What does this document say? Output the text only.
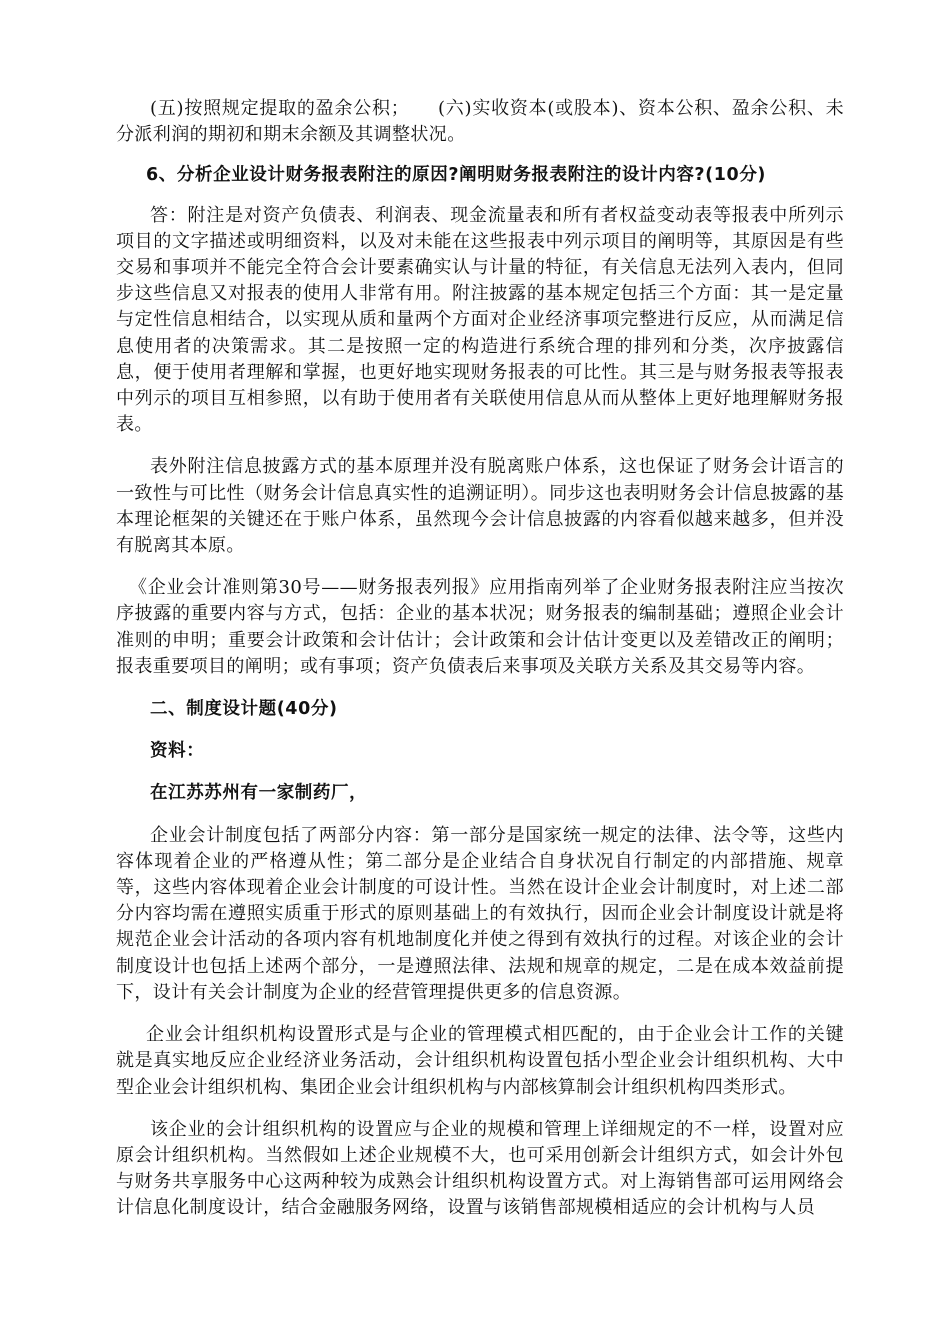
(五)按照规定提取的盈余公积；　　(六)实收资本(或股本)、资本公积、盈余公积、未分派利润的期初和期末余额及其调整状况。

6、分析企业设计财务报表附注的原因?阐明财务报表附注的设计内容?(10分)

答：附注是对资产负债表、利润表、现金流量表和所有者权益变动表等报表中所列示项目的文字描述或明细资料，以及对未能在这些报表中列示项目的阐明等，其原因是有些交易和事项并不能完全符合会计要素确实认与计量的特征，有关信息无法列入表内，但同步这些信息又对报表的使用人非常有用。附注披露的基本规定包括三个方面：其一是定量与定性信息相结合，以实现从质和量两个方面对企业经济事项完整进行反应，从而满足信息使用者的决策需求。其二是按照一定的构造进行系统合理的排列和分类，次序披露信息，便于使用者理解和掌握，也更好地实现财务报表的可比性。其三是与财务报表等报表中列示的项目互相参照，以有助于使用者有关联使用信息从而从整体上更好地理解财务报表。

表外附注信息披露方式的基本原理并没有脱离账户体系，这也保证了财务会计语言的一致性与可比性（财务会计信息真实性的追溯证明）。同步这也表明财务会计信息披露的基本理论框架的关键还在于账户体系，虽然现今会计信息披露的内容看似越来越多，但并没有脱离其本原。

《企业会计准则第30号——财务报表列报》应用指南列举了企业财务报表附注应当按次序披露的重要内容与方式，包括：企业的基本状况；财务报表的编制基础；遵照企业会计准则的申明；重要会计政策和会计估计；会计政策和会计估计变更以及差错改正的阐明；报表重要项目的阐明；或有事项；资产负债表后来事项及关联方关系及其交易等内容。

二、制度设计题(40分)

资料：

在江苏苏州有一家制药厂，

企业会计制度包括了两部分内容：第一部分是国家统一规定的法律、法令等，这些内容体现着企业的严格遵从性；第二部分是企业结合自身状况自行制定的内部措施、规章等，这些内容体现着企业会计制度的可设计性。当然在设计企业会计制度时，对上述二部分内容均需在遵照实质重于形式的原则基础上的有效执行，因而企业会计制度设计就是将规范企业会计活动的各项内容有机地制度化并使之得到有效执行的过程。对该企业的会计制度设计也包括上述两个部分，一是遵照法律、法规和规章的规定，二是在成本效益前提下，设计有关会计制度为企业的经营管理提供更多的信息资源。

企业会计组织机构设置形式是与企业的管理模式相匹配的，由于企业会计工作的关键就是真实地反应企业经济业务活动，会计组织机构设置包括小型企业会计组织机构、大中型企业会计组织机构、集团企业会计组织机构与内部核算制会计组织机构四类形式。

该企业的会计组织机构的设置应与企业的规模和管理上详细规定的不一样，设置对应原会计组织机构。当然假如上述企业规模不大，也可采用创新会计组织方式，如会计外包与财务共享服务中心这两种较为成熟会计组织机构设置方式。对上海销售部可运用网络会计信息化制度设计，结合金融服务网络，设置与该销售部规模相适应的会计机构与人员
